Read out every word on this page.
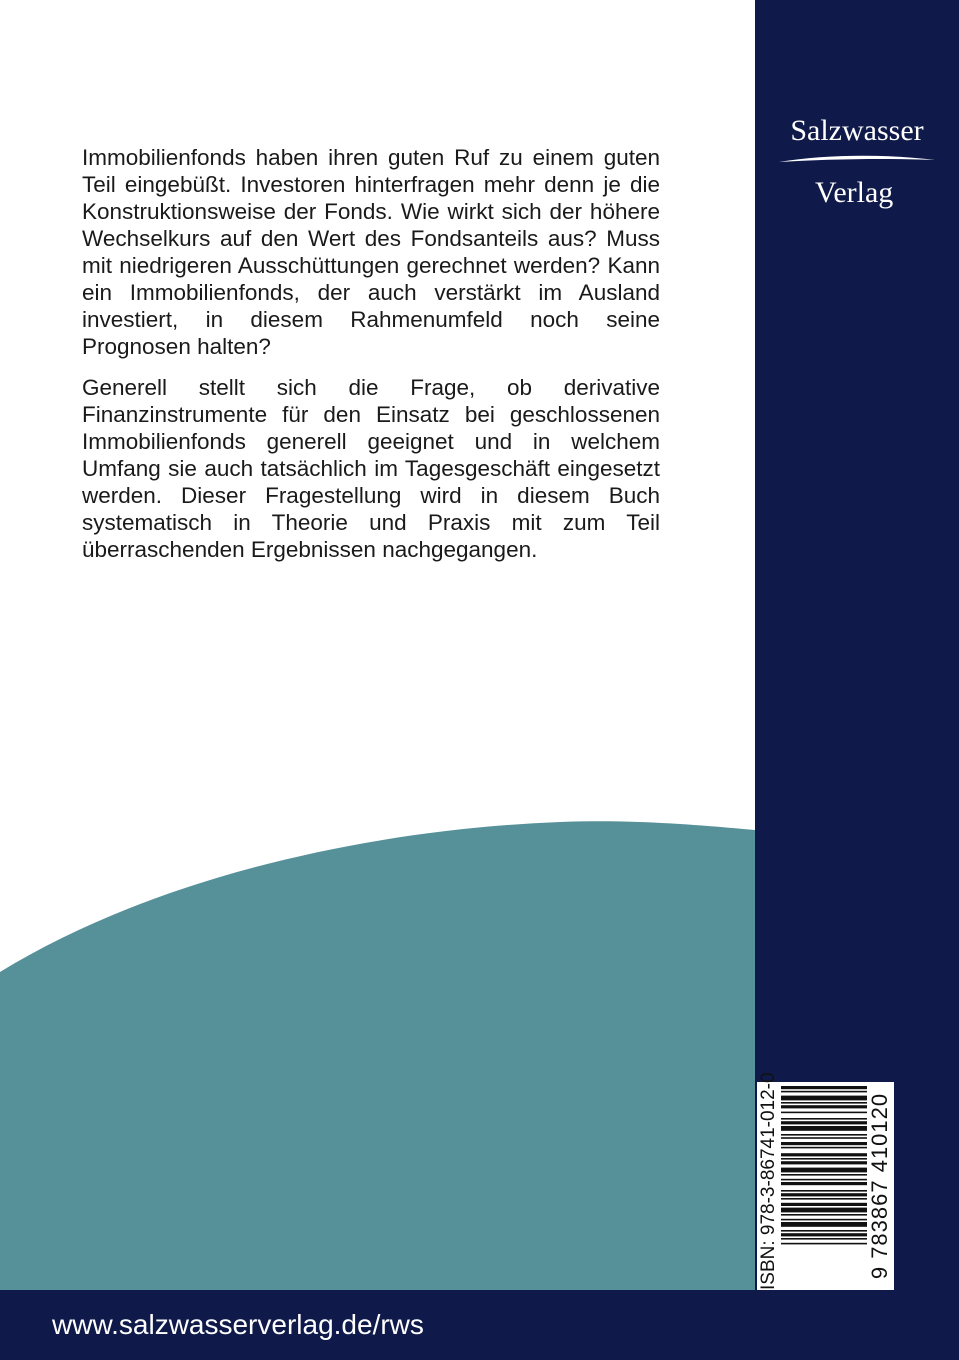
Immobilienfonds haben ihren guten Ruf zu einem guten Teil eingebüßt. Investoren hinterfragen mehr denn je die Konstruktionsweise der Fonds. Wie wirkt sich der höhere Wechselkurs auf den Wert des Fondsanteils aus? Muss mit niedrigeren Ausschüttungen gerechnet werden? Kann ein Immobilienfonds, der auch verstärkt im Ausland investiert, in diesem Rahmenumfeld noch seine Prognosen halten?

Generell stellt sich die Frage, ob derivative Finanzinstrumente für den Einsatz bei geschlossenen Immobilienfonds generell geeignet und in welchem Umfang sie auch tatsächlich im Tagesgeschäft eingesetzt werden. Dieser Fragestellung wird in diesem Buch systematisch in Theorie und Praxis mit zum Teil überraschenden Ergebnissen nachgegangen.

Salzwasser
Verlag
ISBN: 978-3-86741-012-0	9 783867 410120
www.salzwasserverlag.de/rws
